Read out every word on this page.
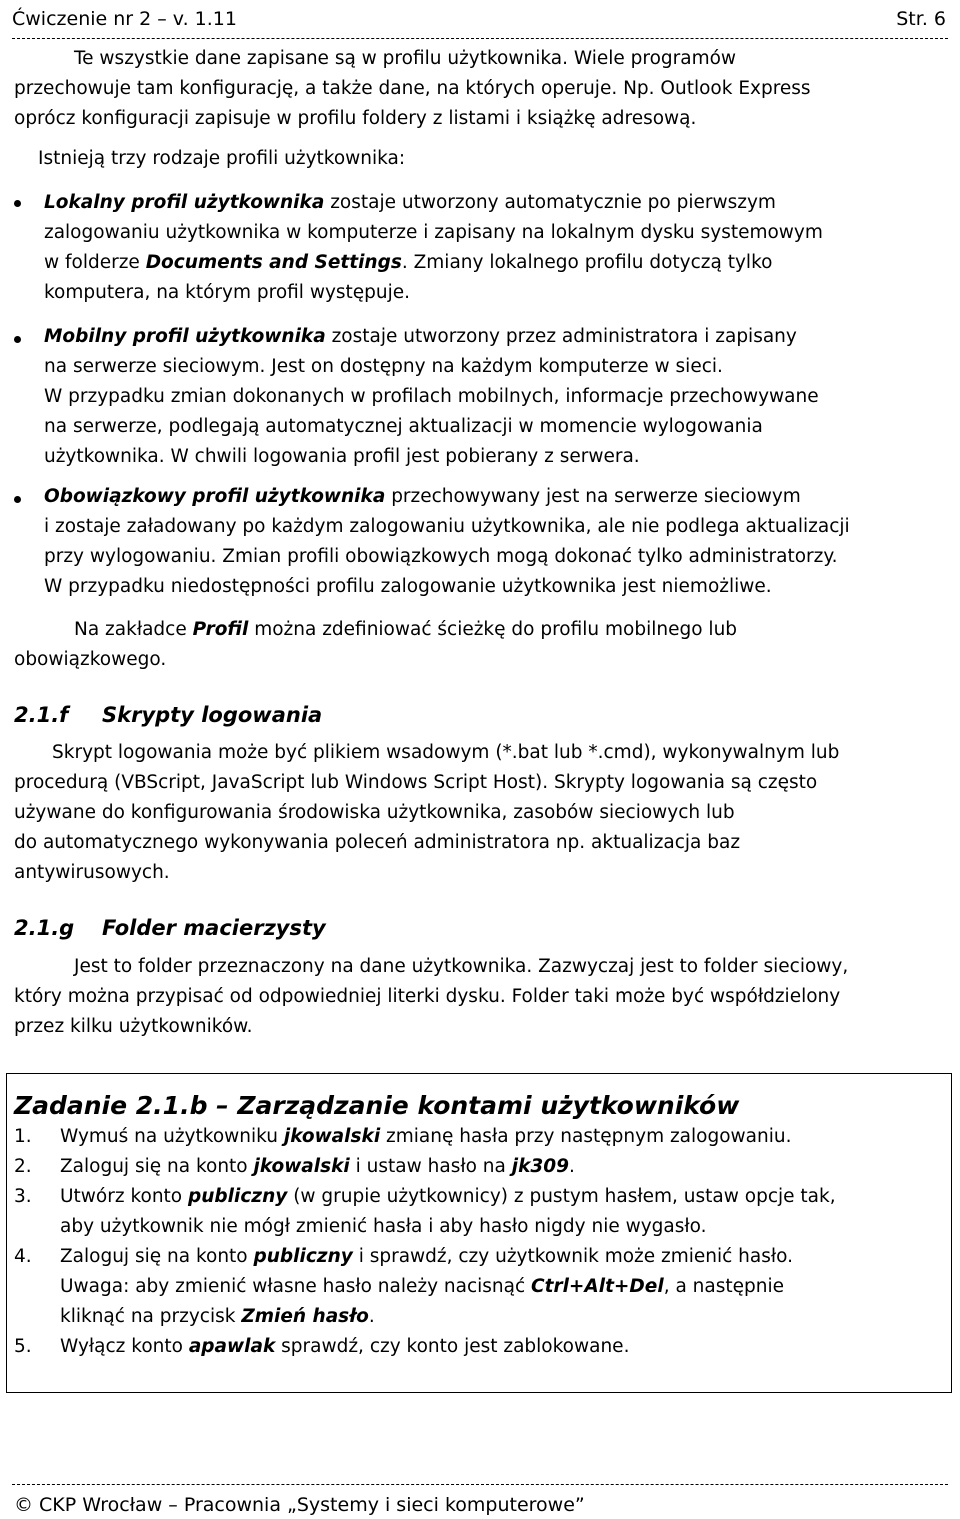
Ćwiczenie nr 2 – v. 1.11	Str. 6
Te wszystkie dane zapisane są w profilu użytkownika. Wiele programów
przechowuje tam konfigurację, a także dane, na których operuje. Np. Outlook Express
oprócz konfiguracji zapisuje w profilu foldery z listami i książkę adresową.
Istnieją trzy rodzaje profili użytkownika:
Lokalny profil użytkownika zostaje utworzony automatycznie po pierwszym
zalogowaniu użytkownika w komputerze i zapisany na lokalnym dysku systemowym
w folderze Documents and Settings. Zmiany lokalnego profilu dotyczą tylko
komputera, na którym profil występuje.
Mobilny profil użytkownika zostaje utworzony przez administratora i zapisany
na serwerze sieciowym. Jest on dostępny na każdym komputerze w sieci.
W przypadku zmian dokonanych w profilach mobilnych, informacje przechowywane
na serwerze, podlegają automatycznej aktualizacji w momencie wylogowania
użytkownika. W chwili logowania profil jest pobierany z serwera.
Obowiązkowy profil użytkownika przechowywany jest na serwerze sieciowym
i zostaje załadowany po każdym zalogowaniu użytkownika, ale nie podlega aktualizacji
przy wylogowaniu. Zmian profili obowiązkowych mogą dokonać tylko administratorzy.
W przypadku niedostępności profilu zalogowanie użytkownika jest niemożliwe.
Na zakładce Profil można zdefiniować ścieżkę do profilu mobilnego lub
obowiązkowego.
2.1.f Skrypty logowania
Skrypt logowania może być plikiem wsadowym (*.bat lub *.cmd), wykonywalnym lub
procedurą (VBScript, JavaScript lub Windows Script Host). Skrypty logowania są często
używane do konfigurowania środowiska użytkownika, zasobów sieciowych lub
do automatycznego wykonywania poleceń administratora np. aktualizacja baz
antywirusowych.
2.1.g Folder macierzysty
Jest to folder przeznaczony na dane użytkownika. Zazwyczaj jest to folder sieciowy,
który można przypisać od odpowiedniej literki dysku. Folder taki może być współdzielony
przez kilku użytkowników.
Zadanie 2.1.b – Zarządzanie kontami użytkowników
1. Wymuś na użytkowniku jkowalski zmianę hasła przy następnym zalogowaniu.
2. Zaloguj się na konto jkowalski i ustaw hasło na jk309.
3. Utwórz konto publiczny (w grupie użytkownicy) z pustym hasłem, ustaw opcje tak,
aby użytkownik nie mógł zmienić hasła i aby hasło nigdy nie wygasło.
4. Zaloguj się na konto publiczny i sprawdź, czy użytkownik może zmienić hasło.
Uwaga: aby zmienić własne hasło należy nacisnąć Ctrl+Alt+Del, a następnie
kliknąć na przycisk Zmień hasło.
5. Wyłącz konto apawlak sprawdź, czy konto jest zablokowane.
© CKP Wrocław – Pracownia „Systemy i sieci komputerowe”
